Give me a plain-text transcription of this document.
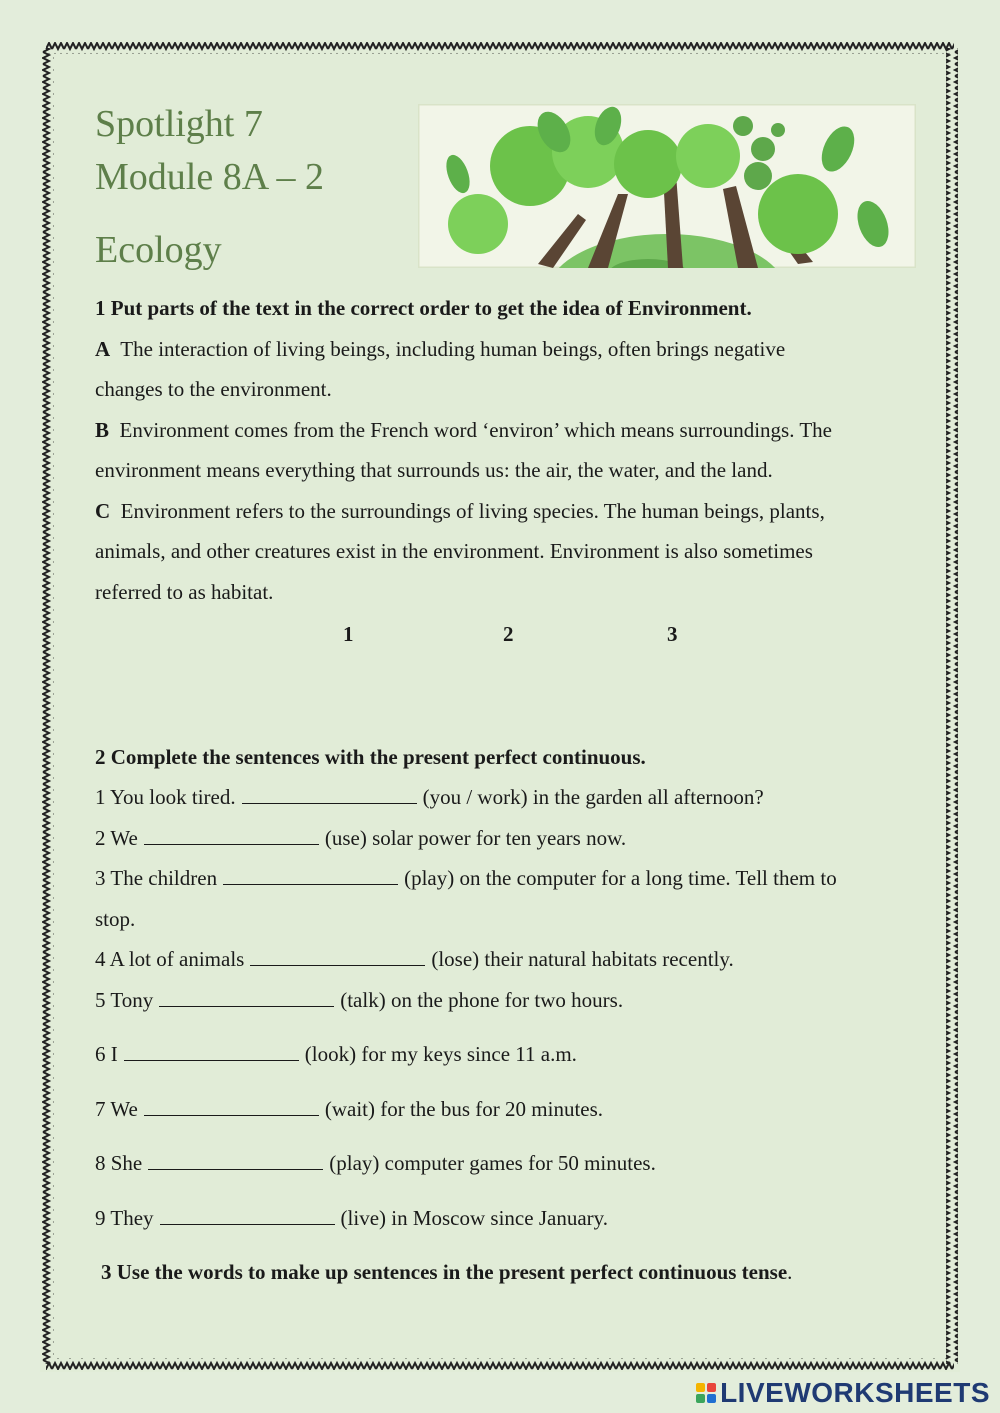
Spotlight 7
Module 8A – 2
Ecology

1 Put parts of the text in the correct order to get the idea of Environment.

A The interaction of living beings, including human beings, often brings negative

changes to the environment.

B Environment comes from the French word ‘environ’ which means surroundings. The

environment means everything that surrounds us: the air, the water, and the land.

C Environment refers to the surroundings of living species. The human beings, plants,

animals, and other creatures exist in the environment. Environment is also sometimes

referred to as habitat.

1	2	3

2 Complete the sentences with the present perfect continuous.

1 You look tired.	(you / work) in the garden all afternoon?

2 We	(use) solar power for ten years now.

3 The children	(play) on the computer for a long time. Tell them to

stop.

4 A lot of animals	(lose) their natural habitats recently.

5 Tony	(talk) on the phone for two hours.

6 I	(look) for my keys since 11 a.m.

7 We	(wait) for the bus for 20 minutes.

8 She	(play) computer games for 50 minutes.

9 They	(live) in Moscow since January.

3 Use the words to make up sentences in the present perfect continuous tense.

LIVEWORKSHEETS
